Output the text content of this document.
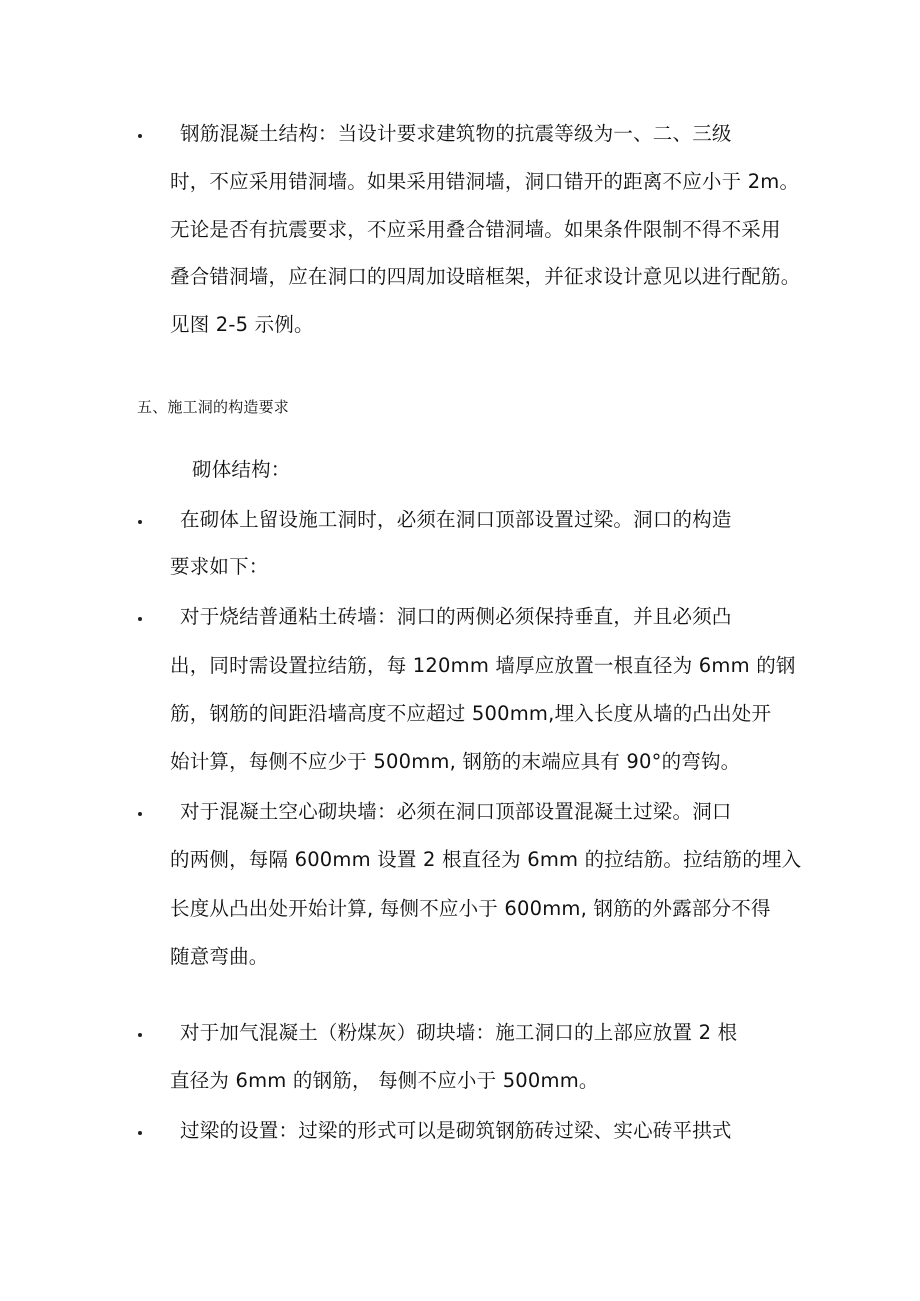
钢筋混凝土结构：当设计要求建筑物的抗震等级为一、二、三级
时，不应采用错洞墙。如果采用错洞墙，洞口错开的距离不应小于 2m。
无论是否有抗震要求，不应采用叠合错洞墙。如果条件限制不得不采用
叠合错洞墙，应在洞口的四周加设暗框架，并征求设计意见以进行配筋。
见图 2-5 示例。
五、施工洞的构造要求
砌体结构：
在砌体上留设施工洞时，必须在洞口顶部设置过梁。洞口的构造
要求如下：
对于烧结普通粘土砖墙：洞口的两侧必须保持垂直，并且必须凸
出，同时需设置拉结筋，每 120mm 墙厚应放置一根直径为 6mm 的钢
筋，钢筋的间距沿墙高度不应超过 500mm,埋入长度从墙的凸出处开
始计算，每侧不应少于 500mm, 钢筋的末端应具有 90°的弯钩。
对于混凝土空心砌块墙：必须在洞口顶部设置混凝土过梁。洞口
的两侧，每隔 600mm 设置 2 根直径为 6mm 的拉结筋。拉结筋的埋入
长度从凸出处开始计算, 每侧不应小于 600mm, 钢筋的外露部分不得
随意弯曲。
对于加气混凝土（粉煤灰）砌块墙：施工洞口的上部应放置 2 根
直径为 6mm 的钢筋， 每侧不应小于 500mm。
过梁的设置：过梁的形式可以是砌筑钢筋砖过梁、实心砖平拱式
